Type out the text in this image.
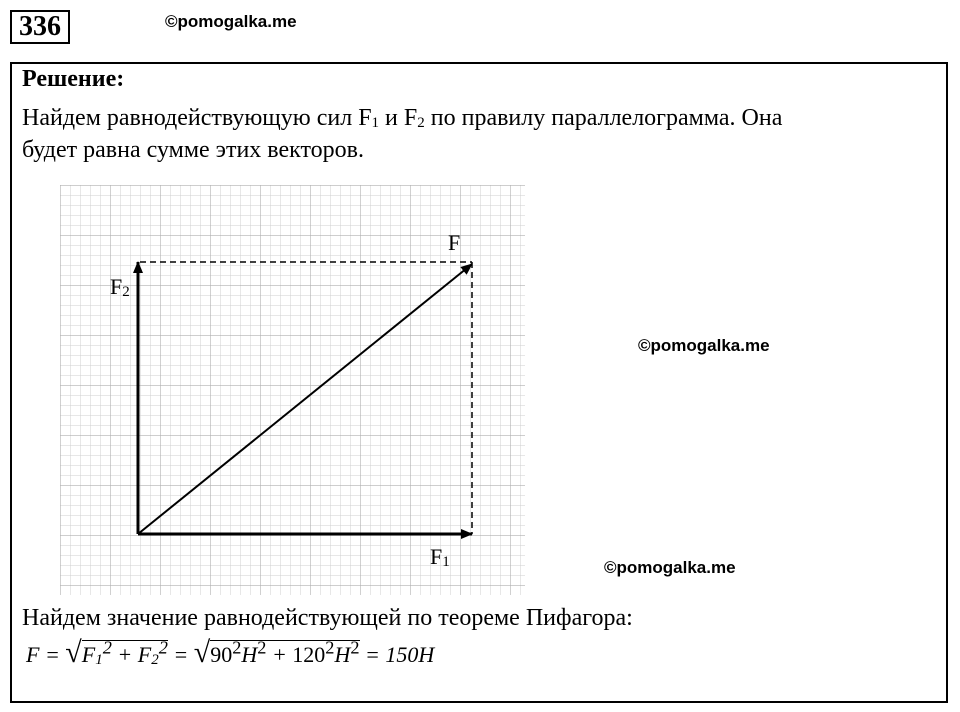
336	©pomogalka.me
Решение:
Найдем равнодействующую сил $F_1$ и $F_2$ по правилу параллелограмма. Она
будет равна сумме этих векторов.
F
$F_2$
$F_1$
©pomogalka.me
©pomogalka.me
Найдем значение равнодействующей по теореме Пифагора:
$F = √F_1^2 + F_2^2 = √90^2H^2 + 120^2H^2 = 150H$
